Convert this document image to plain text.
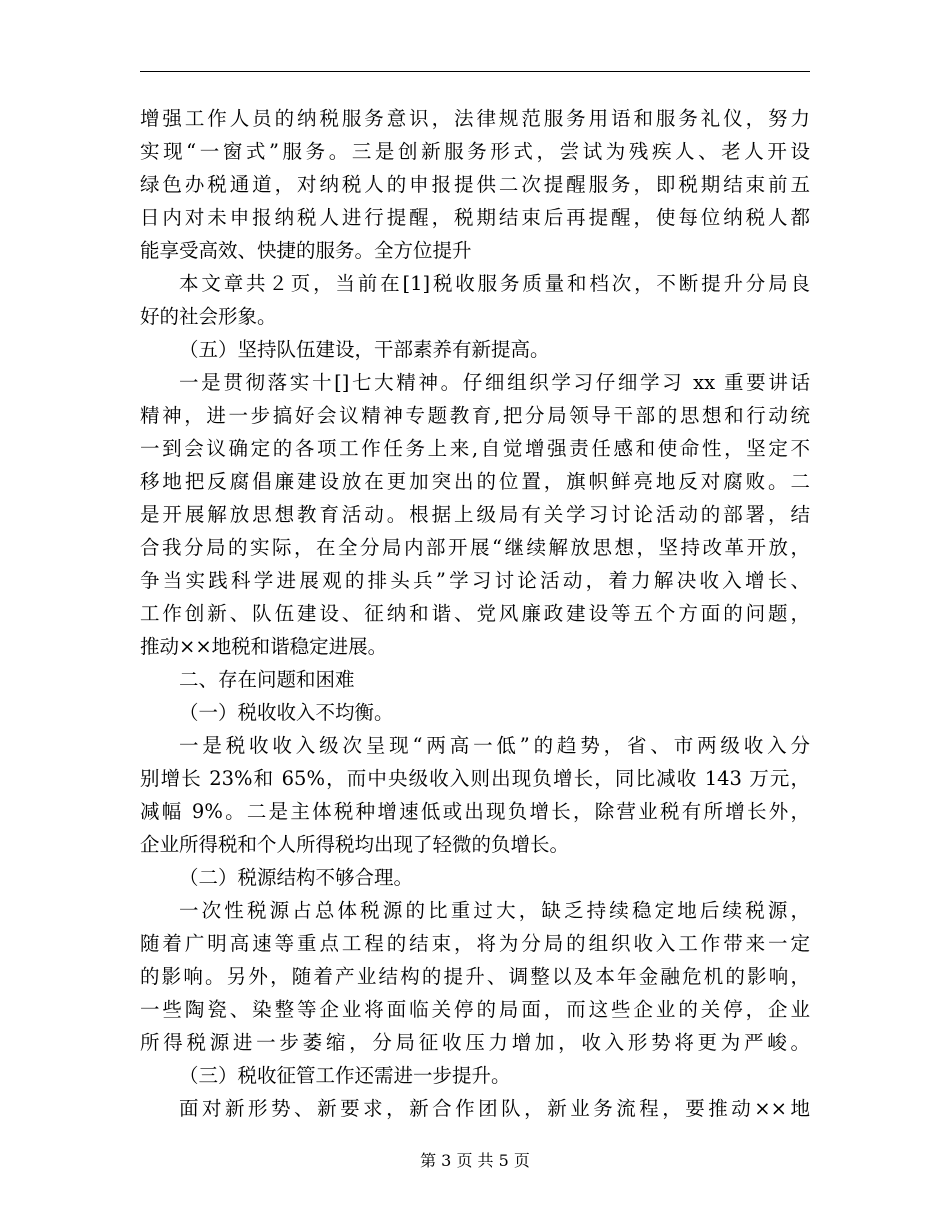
增强工作人员的纳税服务意识，法律规范服务用语和服务礼仪，努力
实现“一窗式”服务。三是创新服务形式，尝试为残疾人、老人开设
绿色办税通道，对纳税人的申报提供二次提醒服务，即税期结束前五
日内对未申报纳税人进行提醒，税期结束后再提醒，使每位纳税人都
能享受高效、快捷的服务。全方位提升
本文章共２页，当前在[1]税收服务质量和档次，不断提升分局良
好的社会形象。
（五）坚持队伍建设，干部素养有新提高。
一是贯彻落实十[]七大精神。仔细组织学习仔细学习 xx 重要讲话
精神，进一步搞好会议精神专题教育,把分局领导干部的思想和行动统
一到会议确定的各项工作任务上来,自觉增强责任感和使命性，坚定不
移地把反腐倡廉建设放在更加突出的位置，旗帜鲜亮地反对腐败。二
是开展解放思想教育活动。根据上级局有关学习讨论活动的部署，结
合我分局的实际，在全分局内部开展“继续解放思想，坚持改革开放，
争当实践科学进展观的排头兵”学习讨论活动，着力解决收入增长、
工作创新、队伍建设、征纳和谐、党风廉政建设等五个方面的问题，
推动××地税和谐稳定进展。
二、存在问题和困难
（一）税收收入不均衡。
一是税收收入级次呈现“两高一低”的趋势，省、市两级收入分
别增长 23%和 65%，而中央级收入则出现负增长，同比减收 143 万元，
减幅 9%。二是主体税种增速低或出现负增长，除营业税有所增长外，
企业所得税和个人所得税均出现了轻微的负增长。
（二）税源结构不够合理。
一次性税源占总体税源的比重过大，缺乏持续稳定地后续税源，
随着广明高速等重点工程的结束，将为分局的组织收入工作带来一定
的影响。另外，随着产业结构的提升、调整以及本年金融危机的影响，
一些陶瓷、染整等企业将面临关停的局面，而这些企业的关停，企业
所得税源进一步萎缩，分局征收压力增加，收入形势将更为严峻。
（三）税收征管工作还需进一步提升。
面对新形势、新要求，新合作团队，新业务流程，要推动××地
第 3 页 共 5 页
